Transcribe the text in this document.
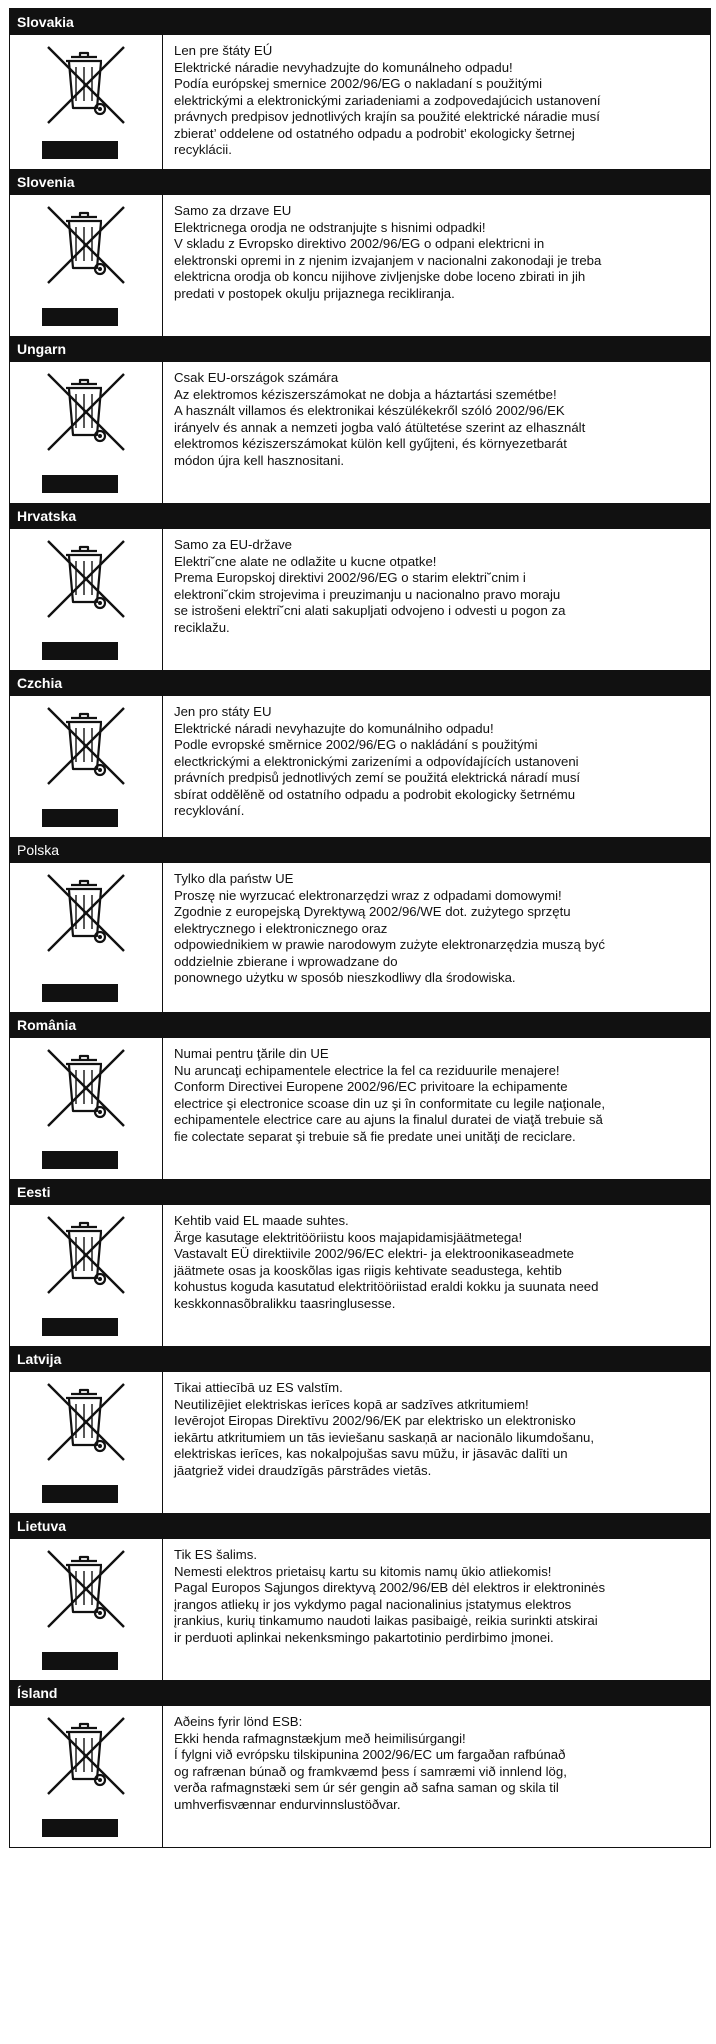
Slovakia
Len pre štáty EÚ
Elektrické náradie nevyhadzujte do komunálneho odpadu!
Podía európskej smernice 2002/96/EG o nakladaní s použitými
elektrickými a elektronickými zariadeniami a zodpovedajúcich ustanovení
právnych predpisov jednotlivých krajín sa použité elektrické náradie musí
zbierat’ oddelene od ostatného odpadu a podrobit’ ekologicky šetrnej
recyklácii.
Slovenia
Samo za drzave EU
Elektricnega orodja ne odstranjujte s hisnimi odpadki!
V skladu z Evropsko direktivo 2002/96/EG o odpani elektricni in
elektronski opremi in z njenim izvajanjem v nacionalni zakonodaji je treba
elektricna orodja ob koncu nijihove zivljenjske dobe loceno zbirati in jih
predati v postopek okulju prijaznega recikliranja.
Ungarn
Csak EU-országok számára
Az elektromos kéziszerszámokat ne dobja a háztartási szemétbe!
A használt villamos és elektronikai készülékekről szóló 2002/96/EK
irányelv és annak a nemzeti jogba való átültetése szerint az elhasznált
elektromos kéziszerszámokat külön kell gyűjteni, és környezetbarát
módon újra kell hasznositani.
Hrvatska
Samo za EU-države
Elektri˘cne alate ne odlažite u kucne otpatke!
Prema Europskoj direktivi 2002/96/EG o starim elektri˘cnim i
elektroni˘ckim strojevima i preuzimanju u nacionalno pravo moraju
se istrošeni elektri˘cni alati sakupljati odvojeno i odvesti u pogon za
reciklažu.
Czchia
Jen pro státy EU
Elektrické náradi nevyhazujte do komunálniho odpadu!
Podle evropské směrnice 2002/96/EG o nakládání s použitými
electkrickými a elektronickými zarizeními a odpovídajících ustanoveni
právních predpisů jednotlivých zemí se použitá elektrická náradí musí
sbírat oddělěně od ostatního odpadu a podrobit ekologicky šetrnému
recyklování.
Polska
Tylko dla państw UE
Proszę nie wyrzucać elektronarzędzi wraz z odpadami domowymi!
Zgodnie z europejską Dyrektywą 2002/96/WE dot. zużytego sprzętu
elektrycznego i elektronicznego oraz
odpowiednikiem w prawie narodowym zużyte elektronarzędzia muszą być
oddzielnie zbierane i wprowadzane do
ponownego użytku w sposób nieszkodliwy dla środowiska.
România
Numai pentru ţările din UE
Nu aruncaţi echipamentele electrice la fel ca reziduurile menajere!
Conform Directivei Europene 2002/96/EC privitoare la echipamente
electrice şi electronice scoase din uz şi în conformitate cu legile naţionale,
echipamentele electrice care au ajuns la finalul duratei de viaţă trebuie să
fie colectate separat şi trebuie să fie predate unei unităţi de reciclare.
Eesti
Kehtib vaid EL maade suhtes.
Ärge kasutage elektritööriistu koos majapidamisjäätmetega!
Vastavalt EÜ direktiivile 2002/96/EC elektri- ja elektroonikaseadmete
jäätmete osas ja kooskõlas igas riigis kehtivate seadustega, kehtib
kohustus koguda kasutatud elektritööriistad eraldi kokku ja suunata need
keskkonnasõbralikku taasringlusesse.
Latvija
Tikai attiecībā uz ES valstīm.
Neutilizējiet elektriskas ierīces kopā ar sadzīves atkritumiem!
Ievērojot Eiropas Direktīvu 2002/96/EK par elektrisko un elektronisko
iekārtu atkritumiem un tās ieviešanu saskaņā ar nacionālo likumdošanu,
elektriskas ierīces, kas nokalpojušas savu mūžu, ir jāsavāc dalīti un
jāatgriež videi draudzīgās pārstrādes vietās.
Lietuva
Tik ES šalims.
Nemesti elektros prietaisų kartu su kitomis namų ūkio atliekomis!
Pagal Europos Sąjungos direktyvą 2002/96/EB dėl elektros ir elektroninės
įrangos atliekų ir jos vykdymo pagal nacionalinius įstatymus elektros
įrankius, kurių tinkamumo naudoti laikas pasibaigė, reikia surinkti atskirai
ir perduoti aplinkai nekenksmingo pakartotinio perdirbimo įmonei.
Ísland
Aðeins fyrir lönd ESB:
Ekki henda rafmagnstækjum með heimilisúrgangi!
Í fylgni við evrópsku tilskipunina 2002/96/EC um fargaðan rafbúnað
og rafrænan búnað og framkvæmd þess í samræmi við innlend lög,
verða rafmagnstæki sem úr sér gengin að safna saman og skila til
umhverfisvænnar endurvinnslustöðvar.
